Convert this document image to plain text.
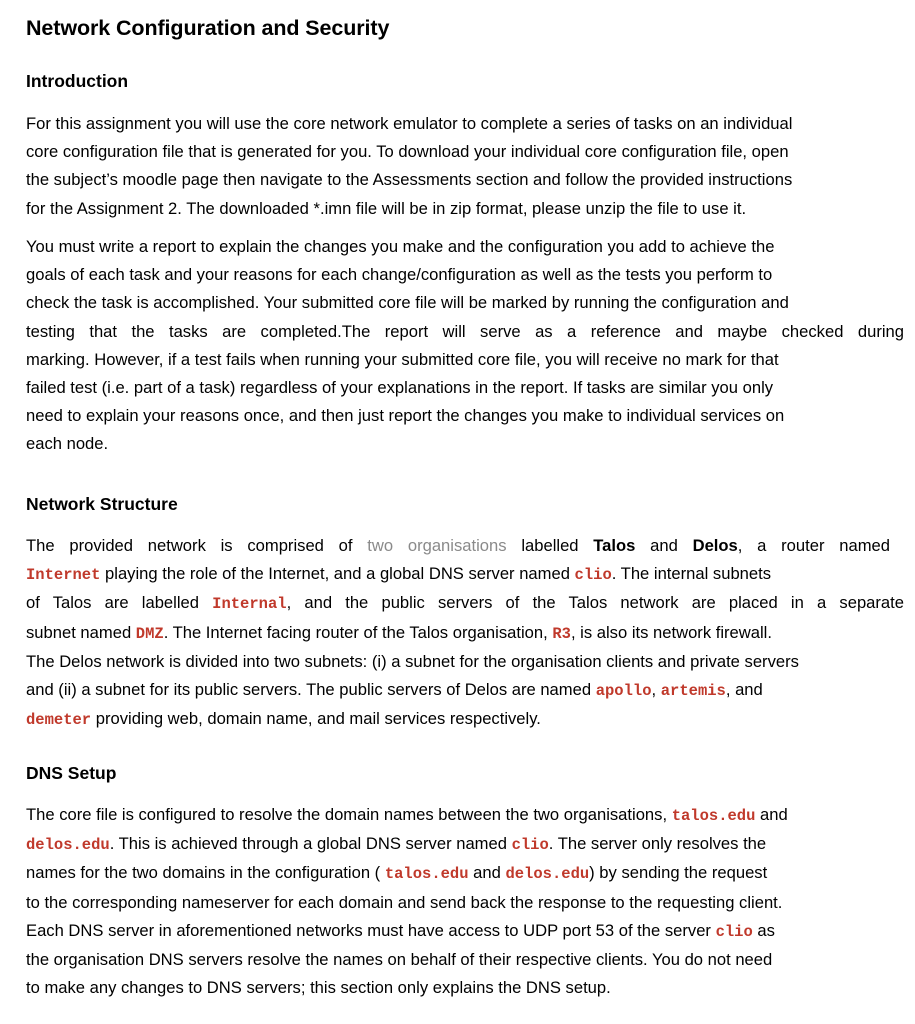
Network Configuration and Security
Introduction
For this assignment you will use the core network emulator to complete a series of tasks on an individual
core configuration file that is generated for you. To download your individual core configuration file, open
the subject’s moodle page then navigate to the Assessments section and follow the provided instructions
for the Assignment 2. The downloaded *.imn file will be in zip format, please unzip the file to use it.
You must write a report to explain the changes you make and the configuration you add to achieve the
goals of each task and your reasons for each change/configuration as well as the tests you perform to
check the task is accomplished. Your submitted core file will be marked by running the configuration and
testing that the tasks are completed.The report will serve as a reference and maybe checked during
marking. However, if a test fails when running your submitted core file, you will receive no mark for that
failed test (i.e. part of a task) regardless of your explanations in the report. If tasks are similar you only
need to explain your reasons once, and then just report the changes you make to individual services on
each node.
Network Structure
The provided network is comprised of two organisations labelled Talos and Delos, a router named
Internet playing the role of the Internet, and a global DNS server named clio. The internal subnets
of Talos are labelled Internal, and the public servers of the Talos network are placed in a separate
subnet named DMZ. The Internet facing router of the Talos organisation, R3, is also its network firewall.
The Delos network is divided into two subnets: (i) a subnet for the organisation clients and private servers
and (ii) a subnet for its public servers. The public servers of Delos are named apollo, artemis, and
demeter providing web, domain name, and mail services respectively.
DNS Setup
The core file is configured to resolve the domain names between the two organisations, talos.edu and
delos.edu. This is achieved through a global DNS server named clio. The server only resolves the
names for the two domains in the configuration ( talos.edu and delos.edu) by sending the request
to the corresponding nameserver for each domain and send back the response to the requesting client.
Each DNS server in aforementioned networks must have access to UDP port 53 of the server clio as
the organisation DNS servers resolve the names on behalf of their respective clients. You do not need
to make any changes to DNS servers; this section only explains the DNS setup.
